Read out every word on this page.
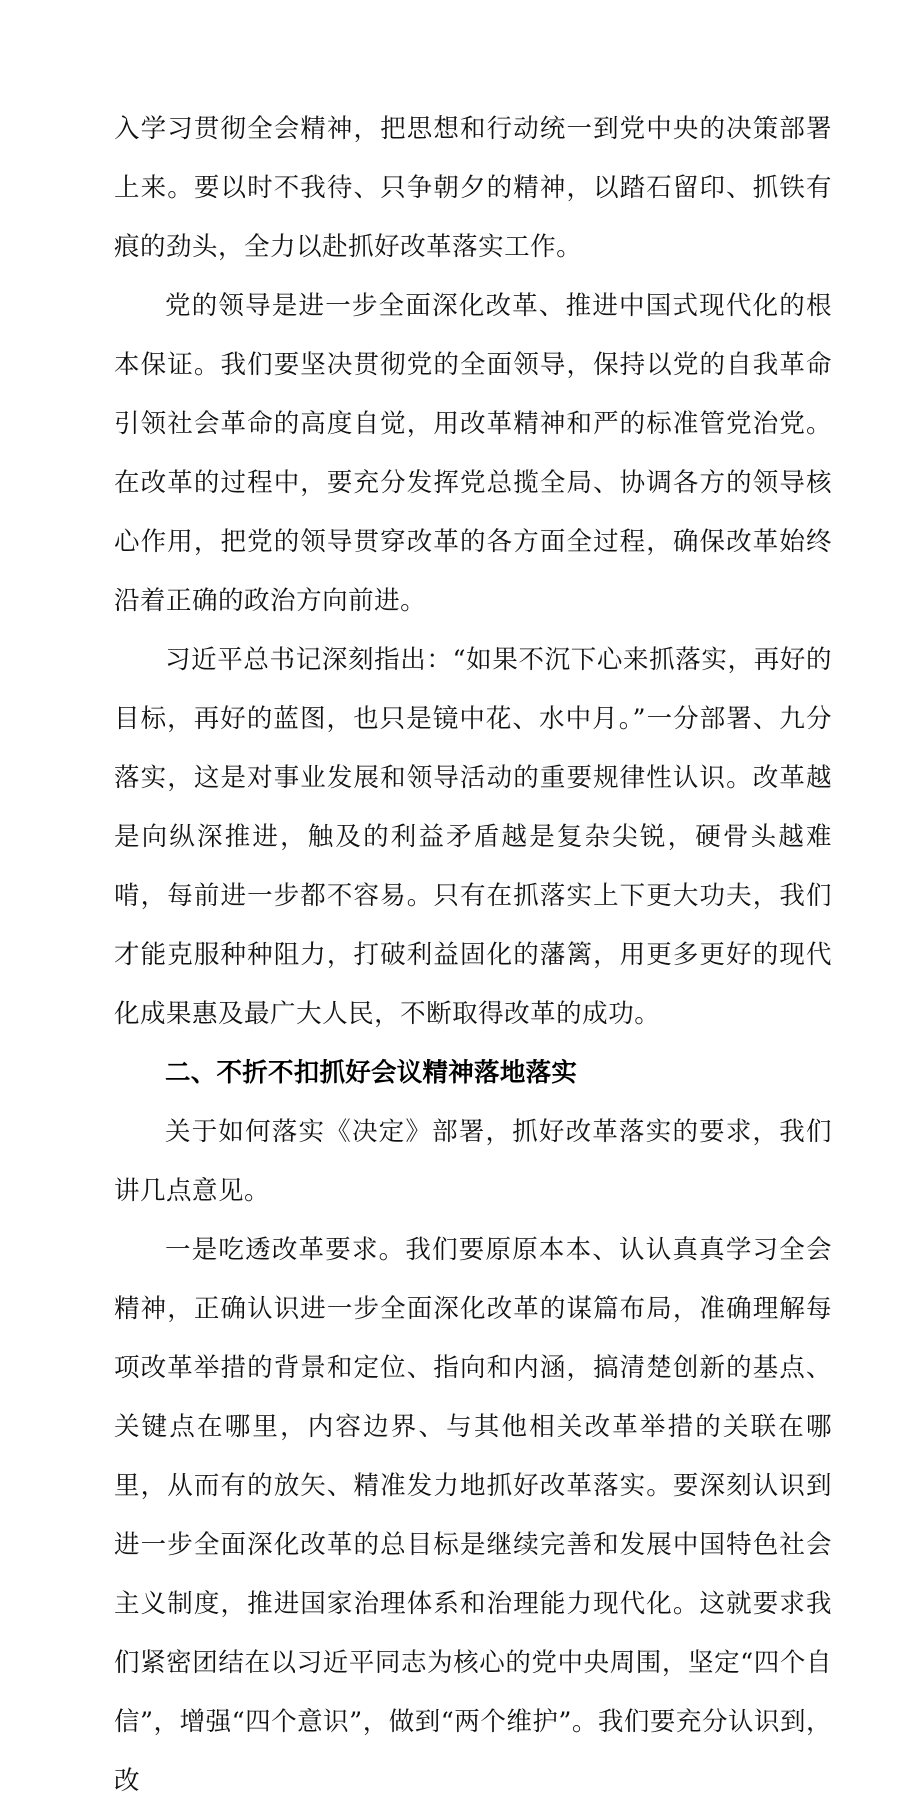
入学习贯彻全会精神，把思想和行动统一到党中央的决策部署上来。要以时不我待、只争朝夕的精神，以踏石留印、抓铁有痕的劲头，全力以赴抓好改革落实工作。

党的领导是进一步全面深化改革、推进中国式现代化的根本保证。我们要坚决贯彻党的全面领导，保持以党的自我革命引领社会革命的高度自觉，用改革精神和严的标准管党治党。在改革的过程中，要充分发挥党总揽全局、协调各方的领导核心作用，把党的领导贯穿改革的各方面全过程，确保改革始终沿着正确的政治方向前进。

习近平总书记深刻指出：“如果不沉下心来抓落实，再好的目标，再好的蓝图，也只是镜中花、水中月。”一分部署、九分落实，这是对事业发展和领导活动的重要规律性认识。改革越是向纵深推进，触及的利益矛盾越是复杂尖锐，硬骨头越难啃，每前进一步都不容易。只有在抓落实上下更大功夫，我们才能克服种种阻力，打破利益固化的藩篱，用更多更好的现代化成果惠及最广大人民，不断取得改革的成功。

二、不折不扣抓好会议精神落地落实

关于如何落实《决定》部署，抓好改革落实的要求，我们讲几点意见。

一是吃透改革要求。我们要原原本本、认认真真学习全会精神，正确认识进一步全面深化改革的谋篇布局，准确理解每项改革举措的背景和定位、指向和内涵，搞清楚创新的基点、关键点在哪里，内容边界、与其他相关改革举措的关联在哪里，从而有的放矢、精准发力地抓好改革落实。要深刻认识到进一步全面深化改革的总目标是继续完善和发展中国特色社会主义制度，推进国家治理体系和治理能力现代化。这就要求我们紧密团结在以习近平同志为核心的党中央周围，坚定“四个自信”，增强“四个意识”，做到“两个维护”。我们要充分认识到，改
